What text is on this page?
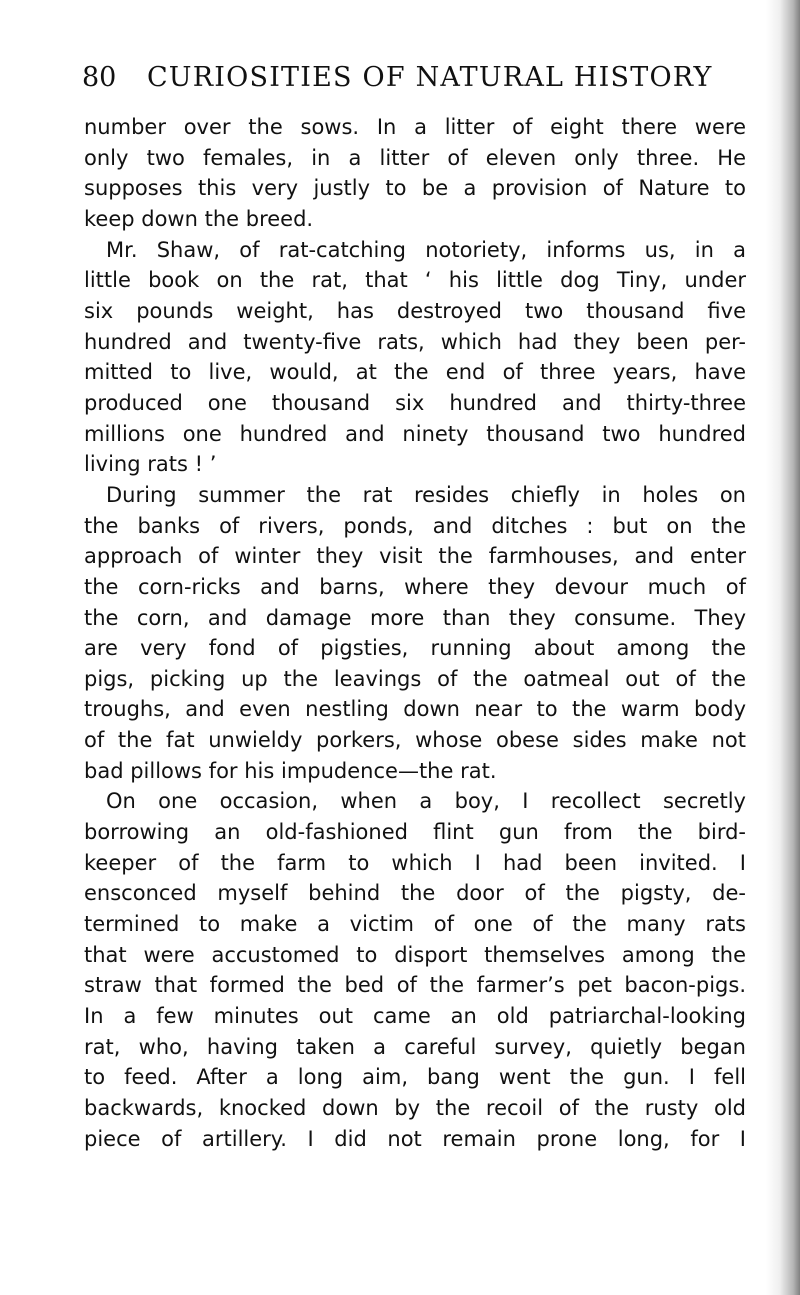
80 CURIOSITIES OF NATURAL HISTORY

number over the sows. In a litter of eight there were
only two females, in a litter of eleven only three. He
supposes this very justly to be a provision of Nature to
keep down the breed.

Mr. Shaw, of rat-catching notoriety, informs us, in a
little book on the rat, that ‘ his little dog Tiny, under
six pounds weight, has destroyed two thousand five
hundred and twenty-five rats, which had they been per-
mitted to live, would, at the end of three years, have
produced one thousand six hundred and thirty-three
millions one hundred and ninety thousand two hundred
living rats ! ’

During summer the rat resides chiefly in holes on
the banks of rivers, ponds, and ditches : but on the
approach of winter they visit the farmhouses, and enter
the corn-ricks and barns, where they devour much of
the corn, and damage more than they consume. They
are very fond of pigsties, running about among the
pigs, picking up the leavings of the oatmeal out of the
troughs, and even nestling down near to the warm body
of the fat unwieldy porkers, whose obese sides make not
bad pillows for his impudence—the rat.

On one occasion, when a boy, I recollect secretly
borrowing an old-fashioned flint gun from the bird-
keeper of the farm to which I had been invited. I
ensconced myself behind the door of the pigsty, de-
termined to make a victim of one of the many rats
that were accustomed to disport themselves among the
straw that formed the bed of the farmer’s pet bacon-pigs.
In a few minutes out came an old patriarchal-looking
rat, who, having taken a careful survey, quietly began
to feed. After a long aim, bang went the gun. I fell
backwards, knocked down by the recoil of the rusty old
piece of artillery. I did not remain prone long, for I
